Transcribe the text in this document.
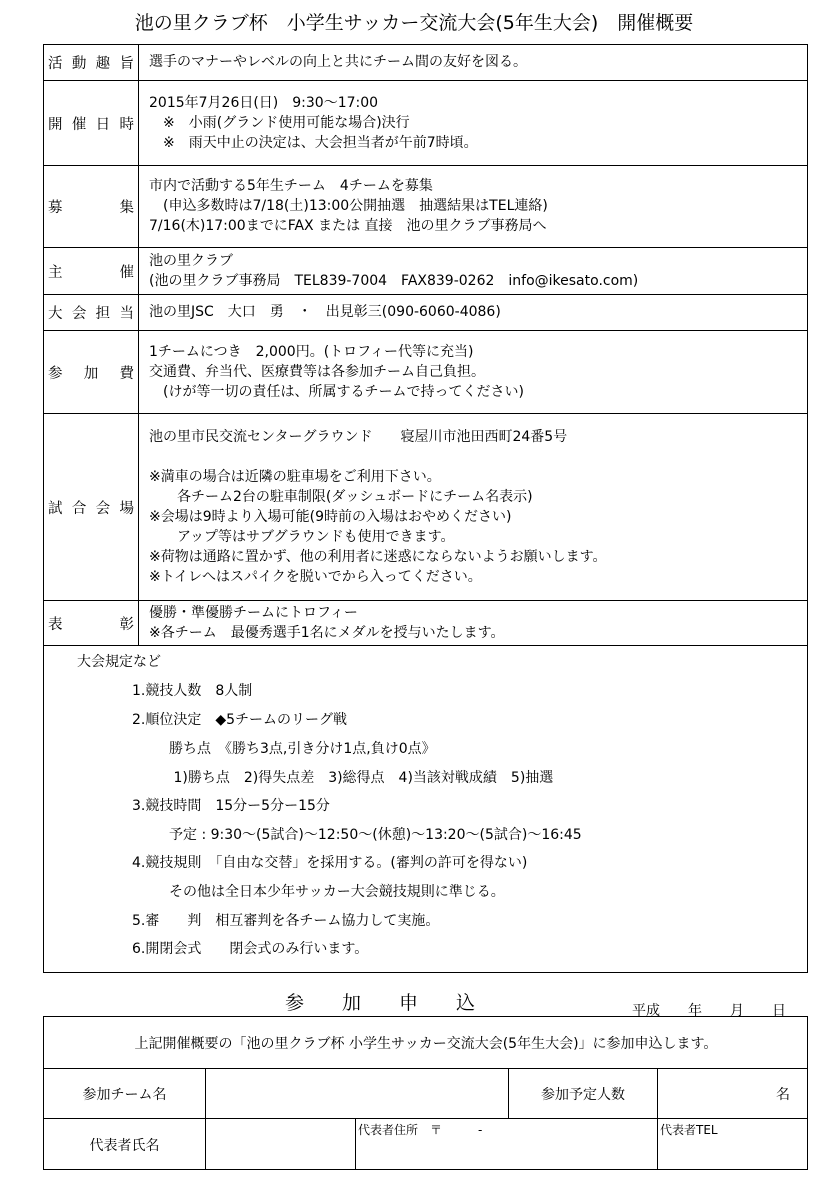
池の里クラブ杯　小学生サッカー交流大会(5年生大会)　開催概要
大会規定など
1.競技人数　8人制
2.順位決定　◆5チームのリーグ戦
勝ち点　《勝ち3点,引き分け1点,負け0点》
1)勝ち点　2)得失点差　3)総得点　4)当該対戦成績　5)抽選
3.競技時間　15分ー5分ー15分
予定 : 9:30～(5試合)～12:50～(休憩)～13:20～(5試合)～16:45
4.競技規則　「自由な交替」を採用する。(審判の許可を得ない)
その他は全日本少年サッカー大会競技規則に準じる。
5.審　　判　相互審判を各チーム協力して実施。
6.開閉会式　　閉会式のみ行います。
活動趣旨 選手のマナーやレベルの向上と共にチーム間の友好を図る。
開催日時
2015年7月26日(日)　9:30～17:00
　※　小雨(グランド使用可能な場合)決行
　※　雨天中止の決定は、大会担当者が午前7時頃。
募集
市内で活動する5年生チーム　4チームを募集
　(申込多数時は7/18(土)13:00公開抽選　抽選結果はTEL連絡)
7/16(木)17:00までにFAX または 直接　池の里クラブ事務局へ
主催
池の里クラブ
(池の里クラブ事務局　TEL839-7004　FAX839-0262　info@ikesato.com)
大会担当 池の里JSC　大口　勇　・　出見彰三(090-6060-4086)
参加費
1チームにつき　2,000円。(トロフィー代等に充当)
交通費、弁当代、医療費等は各参加チーム自己負担。
　(けが等一切の責任は、所属するチームで持ってください)
試合会場
池の里市民交流センターグラウンド　　寝屋川市池田西町24番5号
※満車の場合は近隣の駐車場をご利用下さい。
　　各チーム2台の駐車制限(ダッシュボードにチーム名表示)
※会場は9時より入場可能(9時前の入場はおやめください)
　　アップ等はサブグラウンドも使用できます。
※荷物は通路に置かず、他の利用者に迷惑にならないようお願いします。
※トイレへはスパイクを脱いでから入ってください。
表彰
優勝・準優勝チームにトロフィー
※各チーム　最優秀選手1名にメダルを授与いたします。
参　　加　　申　　込	平成　　年　　月　　日
上記開催概要の「池の里クラブ杯 小学生サッカー交流大会(5年生大会)」に参加申込します。
参加チーム名	参加予定人数	名
代表者氏名
代表者住所　〒　　　-	代表者TEL
